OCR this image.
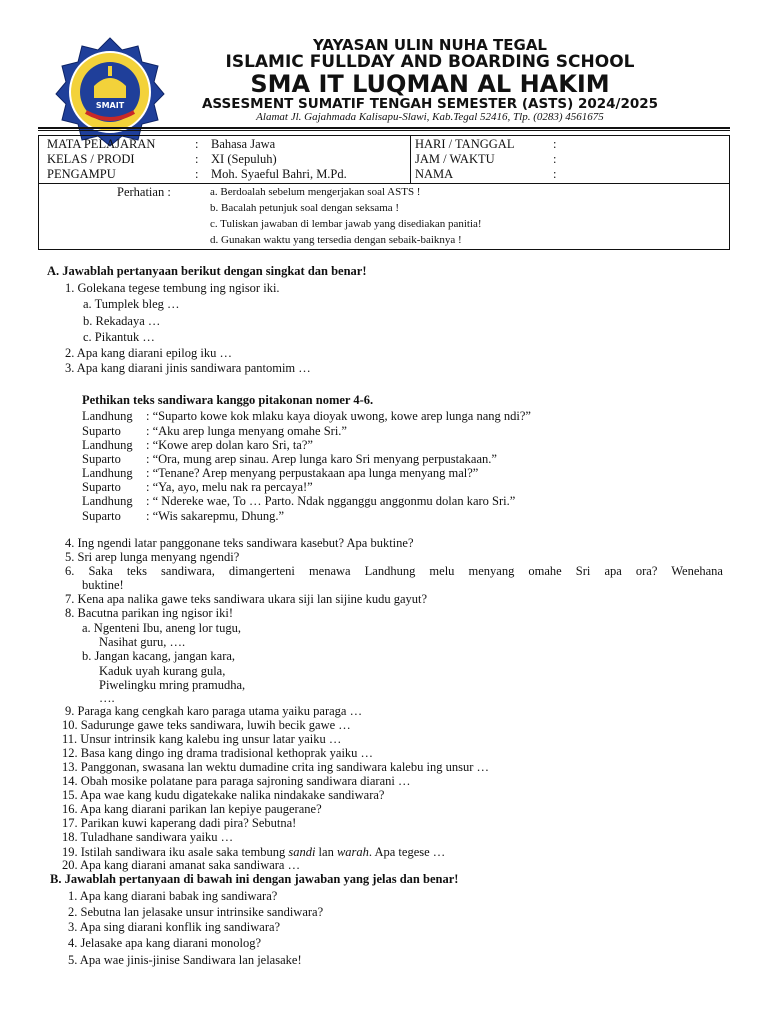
SMAIT
YAYASAN ULIN NUHA TEGAL
ISLAMIC FULLDAY AND BOARDING SCHOOL
SMA IT LUQMAN AL HAKIM
ASSESMENT SUMATIF TENGAH SEMESTER (ASTS) 2024/2025
Alamat Jl. Gajahmada Kalisapu-Slawi, Kab.Tegal 52416, Tlp. (0283) 4561675
MATA PELAJARAN	: Bahasa Jawa
KELAS / PRODI	: XI (Sepuluh)
PENGAMPU	: Moh. Syaeful Bahri, M.Pd.
HARI / TANGGAL	:
JAM / WAKTU	:
NAMA	:
Perhatian :	a. Berdoalah sebelum mengerjakan soal ASTS !
b. Bacalah petunjuk soal dengan seksama !
c. Tuliskan jawaban di lembar jawab yang disediakan panitia!
d. Gunakan waktu yang tersedia dengan sebaik-baiknya !
A. Jawablah pertanyaan berikut dengan singkat dan benar!
1. Golekana tegese tembung ing ngisor iki.
a. Tumplek bleg …
b. Rekadaya …
c. Pikantuk …
2. Apa kang diarani epilog iku …
3. Apa kang diarani jinis sandiwara pantomim …
Pethikan teks sandiwara kanggo pitakonan nomer 4-6.
Landhung : “Suparto kowe kok mlaku kaya dioyak uwong, kowe arep lunga nang ndi?”
Suparto : “Aku arep lunga menyang omahe Sri.”
Landhung : “Kowe arep dolan karo Sri, ta?”
Suparto : “Ora, mung arep sinau. Arep lunga karo Sri menyang perpustakaan.”
Landhung : “Tenane? Arep menyang perpustakaan apa lunga menyang mal?”
Suparto : “Ya, ayo, melu nak ra percaya!”
Landhung : “ Ndereke wae, To … Parto. Ndak ngganggu anggonmu dolan karo Sri.”
Suparto : “Wis sakarepmu, Dhung.”
4. Ing ngendi latar panggonane teks sandiwara kasebut? Apa buktine?
5. Sri arep lunga menyang ngendi?
6. Saka teks sandiwara, dimangerteni menawa Landhung melu menyang omahe Sri apa ora? Wenehana
buktine!
7. Kena apa nalika gawe teks sandiwara ukara siji lan sijine kudu gayut?
8. Bacutna parikan ing ngisor iki!
a. Ngenteni Ibu, aneng lor tugu,
Nasihat guru, ….
b. Jangan kacang, jangan kara,
Kaduk uyah kurang gula,
Piwelingku mring pramudha,
….
9. Paraga kang cengkah karo paraga utama yaiku paraga …
10. Sadurunge gawe teks sandiwara, luwih becik gawe …
11. Unsur intrinsik kang kalebu ing unsur latar yaiku …
12. Basa kang dingo ing drama tradisional kethoprak yaiku …
13. Panggonan, swasana lan wektu dumadine crita ing sandiwara kalebu ing unsur …
14. Obah mosike polatane para paraga sajroning sandiwara diarani …
15. Apa wae kang kudu digatekake nalika nindakake sandiwara?
16. Apa kang diarani parikan lan kepiye paugerane?
17. Parikan kuwi kaperang dadi pira? Sebutna!
18. Tuladhane sandiwara yaiku …
19. Istilah sandiwara iku asale saka tembung sandi lan warah. Apa tegese …
20. Apa kang diarani amanat saka sandiwara …
B. Jawablah pertanyaan di bawah ini dengan jawaban yang jelas dan benar!
1. Apa kang diarani babak ing sandiwara?
2. Sebutna lan jelasake unsur intrinsike sandiwara?
3. Apa sing diarani konflik ing sandiwara?
4. Jelasake apa kang diarani monolog?
5. Apa wae jinis-jinise Sandiwara lan jelasake!
